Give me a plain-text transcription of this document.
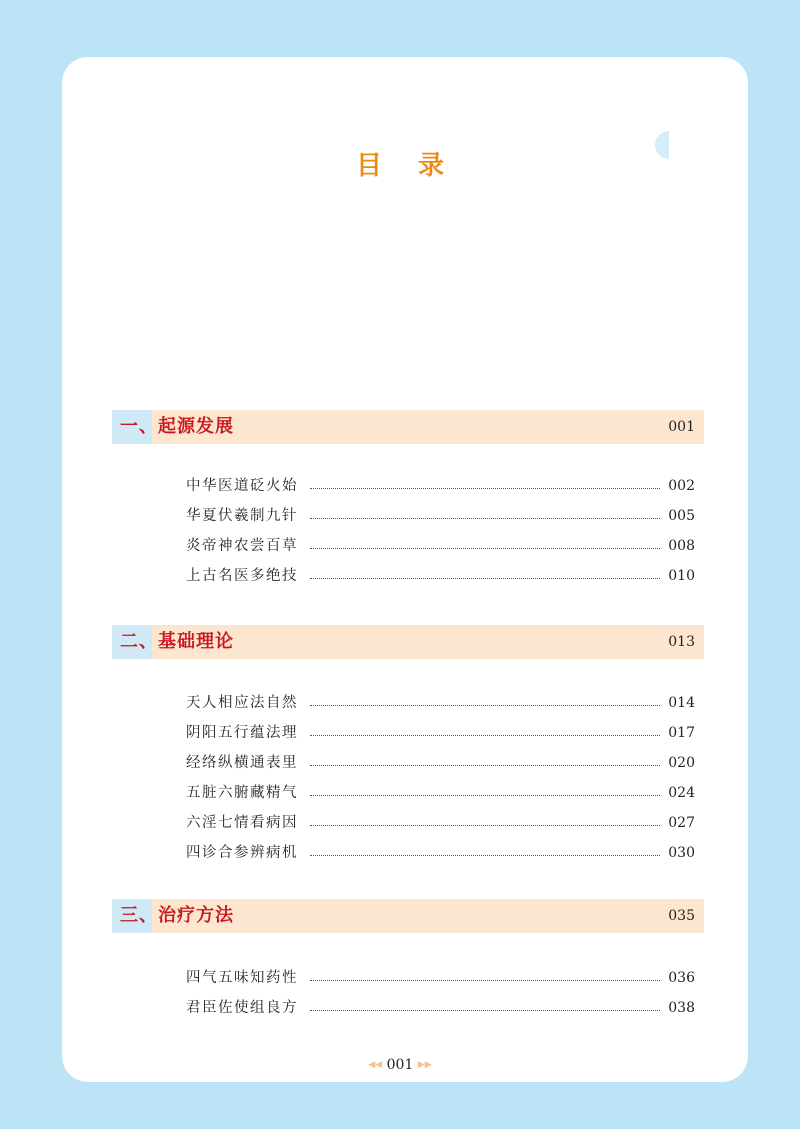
目录
一、起源发展	001
中华医道砭火始	002
华夏伏羲制九针	005
炎帝神农尝百草	008
上古名医多绝技	010
二、基础理论	013
天人相应法自然	014
阴阳五行蕴法理	017
经络纵横通表里	020
五脏六腑藏精气	024
六淫七情看病因	027
四诊合参辨病机	030
三、治疗方法	035
四气五味知药性	036
君臣佐使组良方	038
◀◀ 001 ▶▶
